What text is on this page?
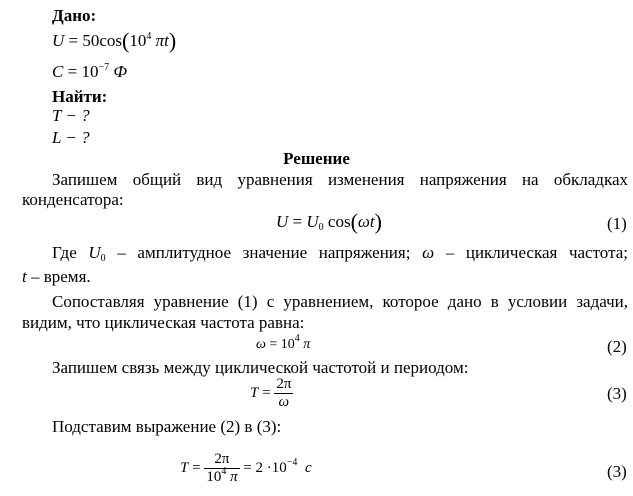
Дано:
$U = 50\cos(10^4$ πt)
$C = 10^{-7}$ Ф
Найти:
T − ?
L − ?
Решение
Запишем общий вид уравнения изменения напряжения на обкладках
конденсатора:
$U = U_0$ cos(ωt)	(1)
Где $U_0$ – амплитудное значение напряжения; ω – циклическая частота;
t – время.
Сопоставляя уравнение (1) с уравнением, которое дано в условии задачи,
видим, что циклическая частота равна:
$\omega = 10^4$ π	(2)
Запишем связь между циклической частотой и периодом:
$T = \frac{2\pi}{\omega}$	(3)
Подставим выражение (2) в (3):
$T = \frac{2\pi}{10^4 \pi} = 2 \cdot 10^{-4}$ c	(3)
